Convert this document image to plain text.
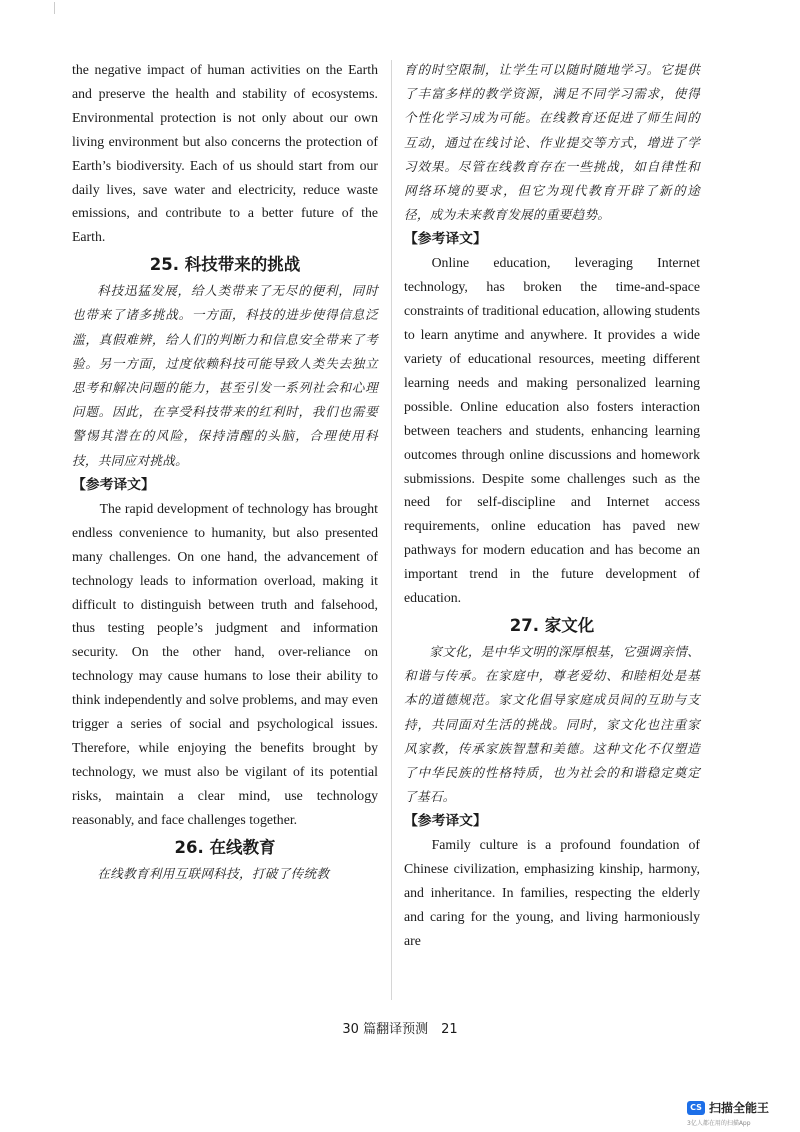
the negative impact of human activities on the Earth and preserve the health and stability of ecosystems. Environmental protection is not only about our own living environment but also concerns the protection of Earth’s biodiversity. Each of us should start from our daily lives, save water and electricity, reduce waste emissions, and contribute to a better future of the Earth.

25. 科技带来的挑战

科技迅猛发展，给人类带来了无尽的便利，同时也带来了诸多挑战。一方面，科技的进步使得信息泛滥，真假难辨，给人们的判断力和信息安全带来了考验。另一方面，过度依赖科技可能导致人类失去独立思考和解决问题的能力，甚至引发一系列社会和心理问题。因此，在享受科技带来的红利时，我们也需要警惕其潜在的风险，保持清醒的头脑，合理使用科技，共同应对挑战。

【参考译文】

The rapid development of technology has brought endless convenience to humanity, but also presented many challenges. On one hand, the advancement of technology leads to information overload, making it difficult to distinguish between truth and falsehood, thus testing people’s judgment and information security. On the other hand, over-reliance on technology may cause humans to lose their ability to think independently and solve problems, and may even trigger a series of social and psychological issues. Therefore, while enjoying the benefits brought by technology, we must also be vigilant of its potential risks, maintain a clear mind, use technology reasonably, and face challenges together.

26. 在线教育

在线教育利用互联网科技，打破了传统教

育的时空限制，让学生可以随时随地学习。它提供了丰富多样的教学资源，满足不同学习需求，使得个性化学习成为可能。在线教育还促进了师生间的互动，通过在线讨论、作业提交等方式，增进了学习效果。尽管在线教育存在一些挑战，如自律性和网络环境的要求，但它为现代教育开辟了新的途径，成为未来教育发展的重要趋势。

【参考译文】

Online education, leveraging Internet technology, has broken the time-and-space constraints of traditional education, allowing students to learn anytime and anywhere. It provides a wide variety of educational resources, meeting different learning needs and making personalized learning possible. Online education also fosters interaction between teachers and students, enhancing learning outcomes through online discussions and homework submissions. Despite some challenges such as the need for self-discipline and Internet access requirements, online education has paved new pathways for modern education and has become an important trend in the future development of education.

27. 家文化

家文化，是中华文明的深厚根基，它强调亲情、和谐与传承。在家庭中，尊老爱幼、和睦相处是基本的道德规范。家文化倡导家庭成员间的互助与支持，共同面对生活的挑战。同时，家文化也注重家风家教，传承家族智慧和美德。这种文化不仅塑造了中华民族的性格特质，也为社会的和谐稳定奠定了基石。

【参考译文】

Family culture is a profound foundation of Chinese civilization, emphasizing kinship, harmony, and inheritance. In families, respecting the elderly and caring for the young, and living harmoniously are

30 篇翻译预测　21
CS 扫描全能王
3亿人都在用的扫描App
